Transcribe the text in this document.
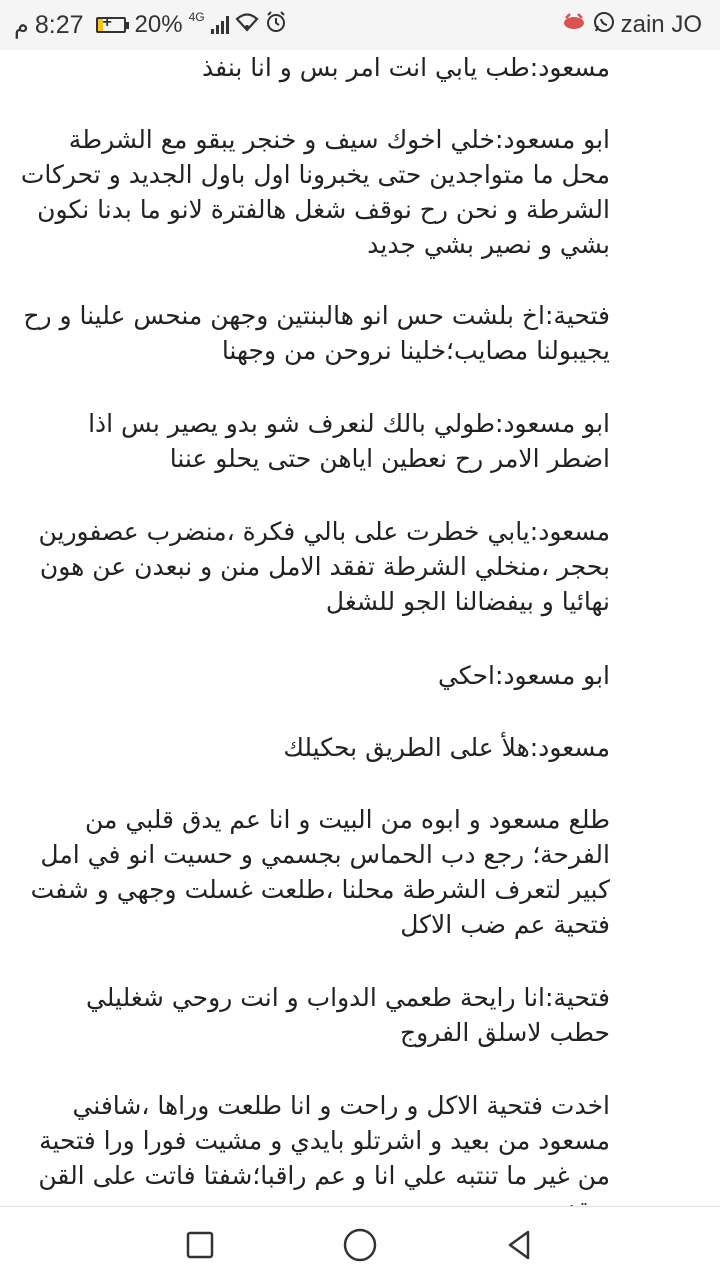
م 8:27 + 20% 4G	zain JO

مسعود:طب يابي انت امر بس و انا بنفذ

ابو مسعود:خلي اخوك سيف و خنجر يبقو مع الشرطة محل ما متواجدين حتى يخبرونا اول باول الجديد و تحركات الشرطة و نحن رح نوقف شغل هالفترة لانو ما بدنا نكون بشي و نصير بشي جديد

فتحية:اخ بلشت حس انو هالبنتين وجهن منحس علينا و رح يجيبولنا مصايب؛خلينا نروحن من وجهنا

ابو مسعود:طولي بالك لنعرف شو بدو يصير بس اذا اضطر الامر رح نعطين اياهن حتى يحلو عننا

مسعود:يابي خطرت على بالي فكرة ،منضرب عصفورين بحجر ،منخلي الشرطة تفقد الامل منن و نبعدن عن هون نهائيا و بيفضالنا الجو للشغل

ابو مسعود:احكي

مسعود:هلأ على الطريق بحكيلك

طلع مسعود و ابوه من البيت و انا عم يدق قلبي من الفرحة؛ رجع دب الحماس بجسمي و حسيت انو في امل كبير لتعرف الشرطة محلنا ،طلعت غسلت وجهي و شفت فتحية عم ضب الاكل

فتحية:انا رايحة طعمي الدواب و انت روحي شغليلي حطب لاسلق الفروج

اخدت فتحية الاكل و راحت و انا طلعت وراها ،شافني مسعود من بعيد و اشرتلو بايدي و مشيت فورا ورا فتحية من غير ما تنتبه علي انا و عم راقبا؛شفتا فاتت على القن
